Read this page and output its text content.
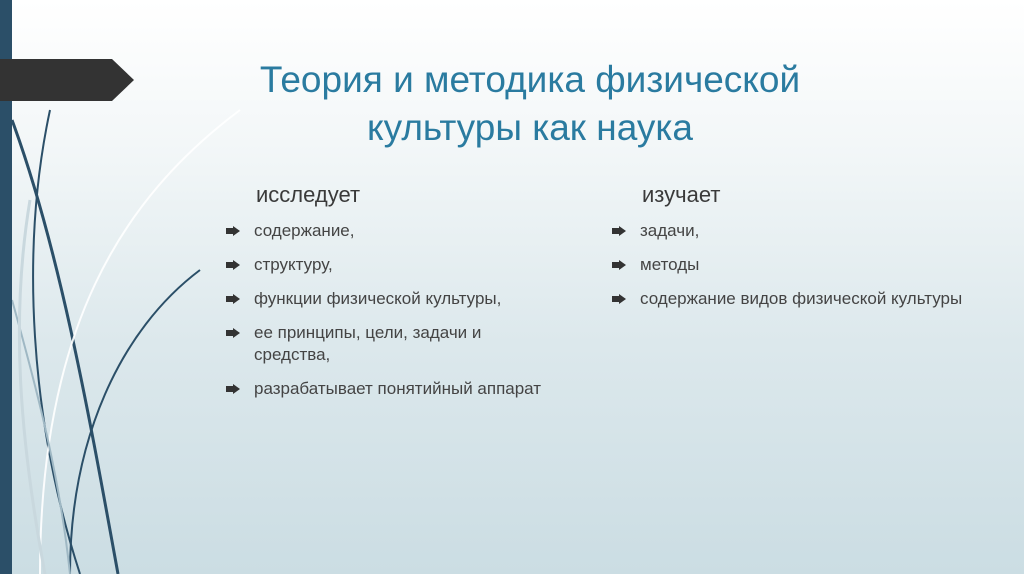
Теория и методика физической культуры как наука
исследует
содержание,
структуру,
функции физической культуры,
ее принципы, цели, задачи и средства,
разрабатывает понятийный аппарат
изучает
задачи,
методы
содержание видов физической культуры
